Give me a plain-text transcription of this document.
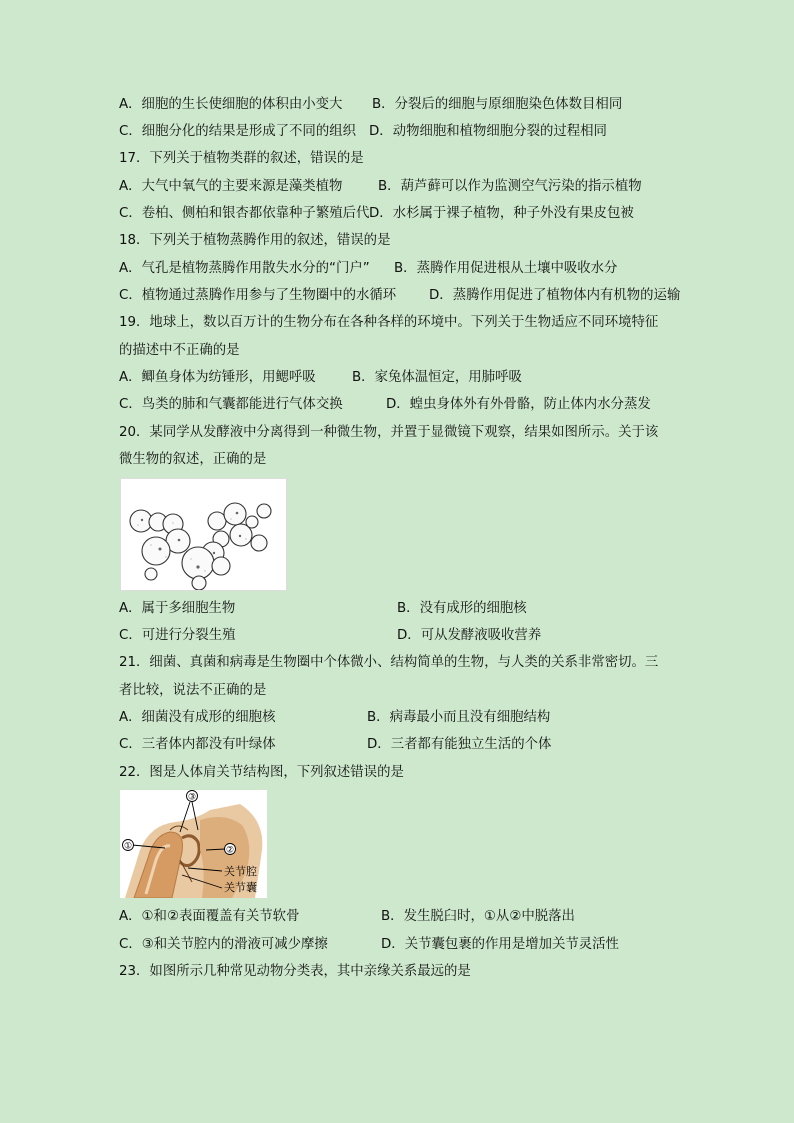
A．细胞的生长使细胞的体积由小变大 B．分裂后的细胞与原细胞染色体数目相同
C．细胞分化的结果是形成了不同的组织 D．动物细胞和植物细胞分裂的过程相同
17．下列关于植物类群的叙述，错误的是
A．大气中氧气的主要来源是藻类植物	B．葫芦藓可以作为监测空气污染的指示植物
C．卷柏、侧柏和银杏都依靠种子繁殖后代 D．水杉属于裸子植物，种子外没有果皮包被
18．下列关于植物蒸腾作用的叙述，错误的是
A．气孔是植物蒸腾作用散失水分的“门户” B．蒸腾作用促进根从土壤中吸收水分
C．植物通过蒸腾作用参与了生物圈中的水循环 D．蒸腾作用促进了植物体内有机物的运输
19．地球上，数以百万计的生物分布在各种各样的环境中。下列关于生物适应不同环境特征
的描述中不正确的是
A．鲫鱼身体为纺锤形，用鳃呼吸	B．家兔体温恒定，用肺呼吸
C．鸟类的肺和气囊都能进行气体交换	D．蝗虫身体外有外骨骼，防止体内水分蒸发
20．某同学从发酵液中分离得到一种微生物，并置于显微镜下观察，结果如图所示。关于该
微生物的叙述，正确的是
A．属于多细胞生物	B．没有成形的细胞核
C．可进行分裂生殖	D．可从发酵液吸收营养
21．细菌、真菌和病毒是生物圈中个体微小、结构简单的生物，与人类的关系非常密切。三
者比较，说法不正确的是
A．细菌没有成形的细胞核	B．病毒最小而且没有细胞结构
C．三者体内都没有叶绿体	D．三者都有能独立生活的个体
22．图是人体肩关节结构图，下列叙述错误的是
③
①	②
关节腔
关节囊
A．①和②表面覆盖有关节软骨	B．发生脱臼时，①从②中脱落出
C．③和关节腔内的滑液可减少摩擦	D．关节囊包裹的作用是增加关节灵活性
23．如图所示几种常见动物分类表，其中亲缘关系最远的是
